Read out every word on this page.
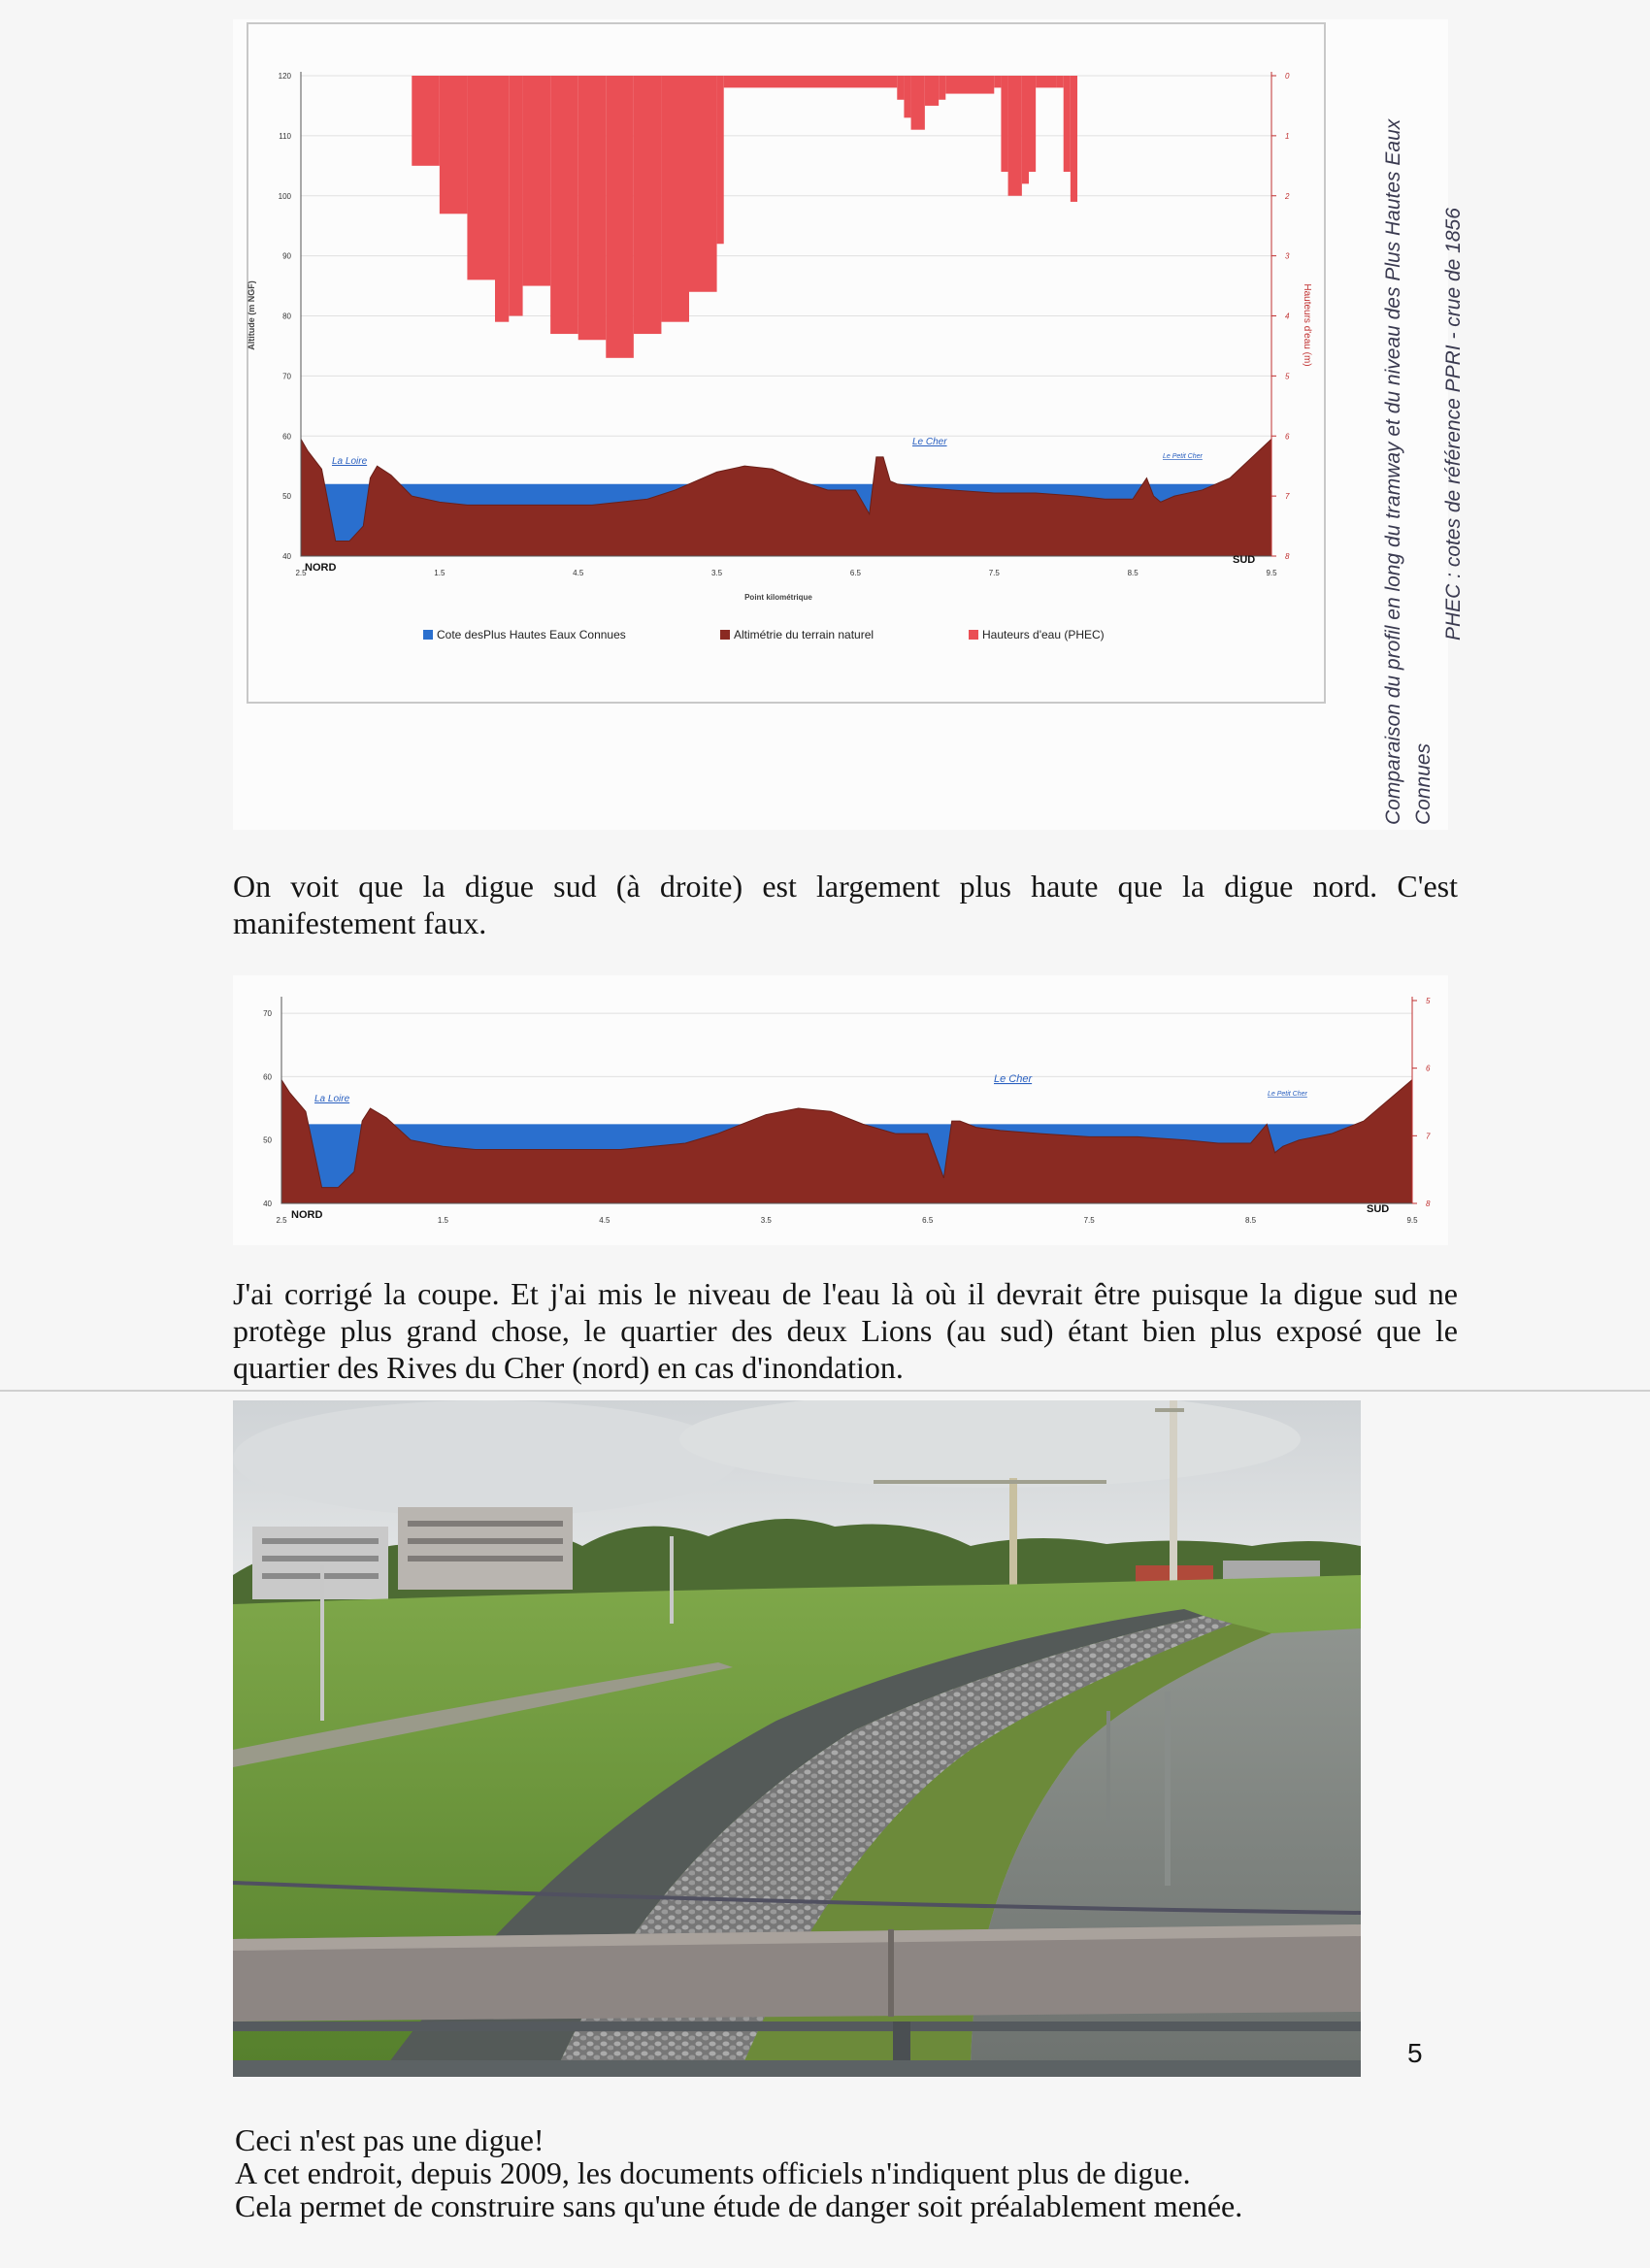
40
50
60
70
80
90
100
110
120	0
1
2
3
4
5
6
7
8
2.5	1.5	4.5	3.5	6.5	7.5	8.5	9.5
Altitude (m NGF)	Hauteurs d'eau (m)
Point kilométrique
NORD
SUD
La Loire
Le Cher
Le Petit Cher
Cote desPlus Hautes Eaux Connues	Altimétrie du terrain naturel	Hauteurs d'eau (PHEC)	Comparaison du profil en long du tramway et du niveau des Plus Hautes Eaux Connues
PHEC : cotes de référence PPRI - crue de 1856

On voit que la digue sud (à droite) est largement plus haute que la digue nord. C'est manifestement faux.

40
50
60
70
5
6
7
8
2.5	1.5	4.5	3.5	6.5	7.5	8.5	9.5
NORD	SUD
La Loire
Le Cher
Le Petit Cher

J'ai corrigé la coupe. Et j'ai mis le niveau de l'eau là où il devrait être puisque la digue sud ne protège plus grand chose, le quartier des deux Lions (au sud) étant bien plus exposé que le quartier des Rives du Cher (nord) en cas d'inondation.

5
Ceci n'est pas une digue!
A cet endroit, depuis 2009, les documents officiels n'indiquent plus de digue.
Cela permet de construire sans qu'une étude de danger soit préalablement menée.
